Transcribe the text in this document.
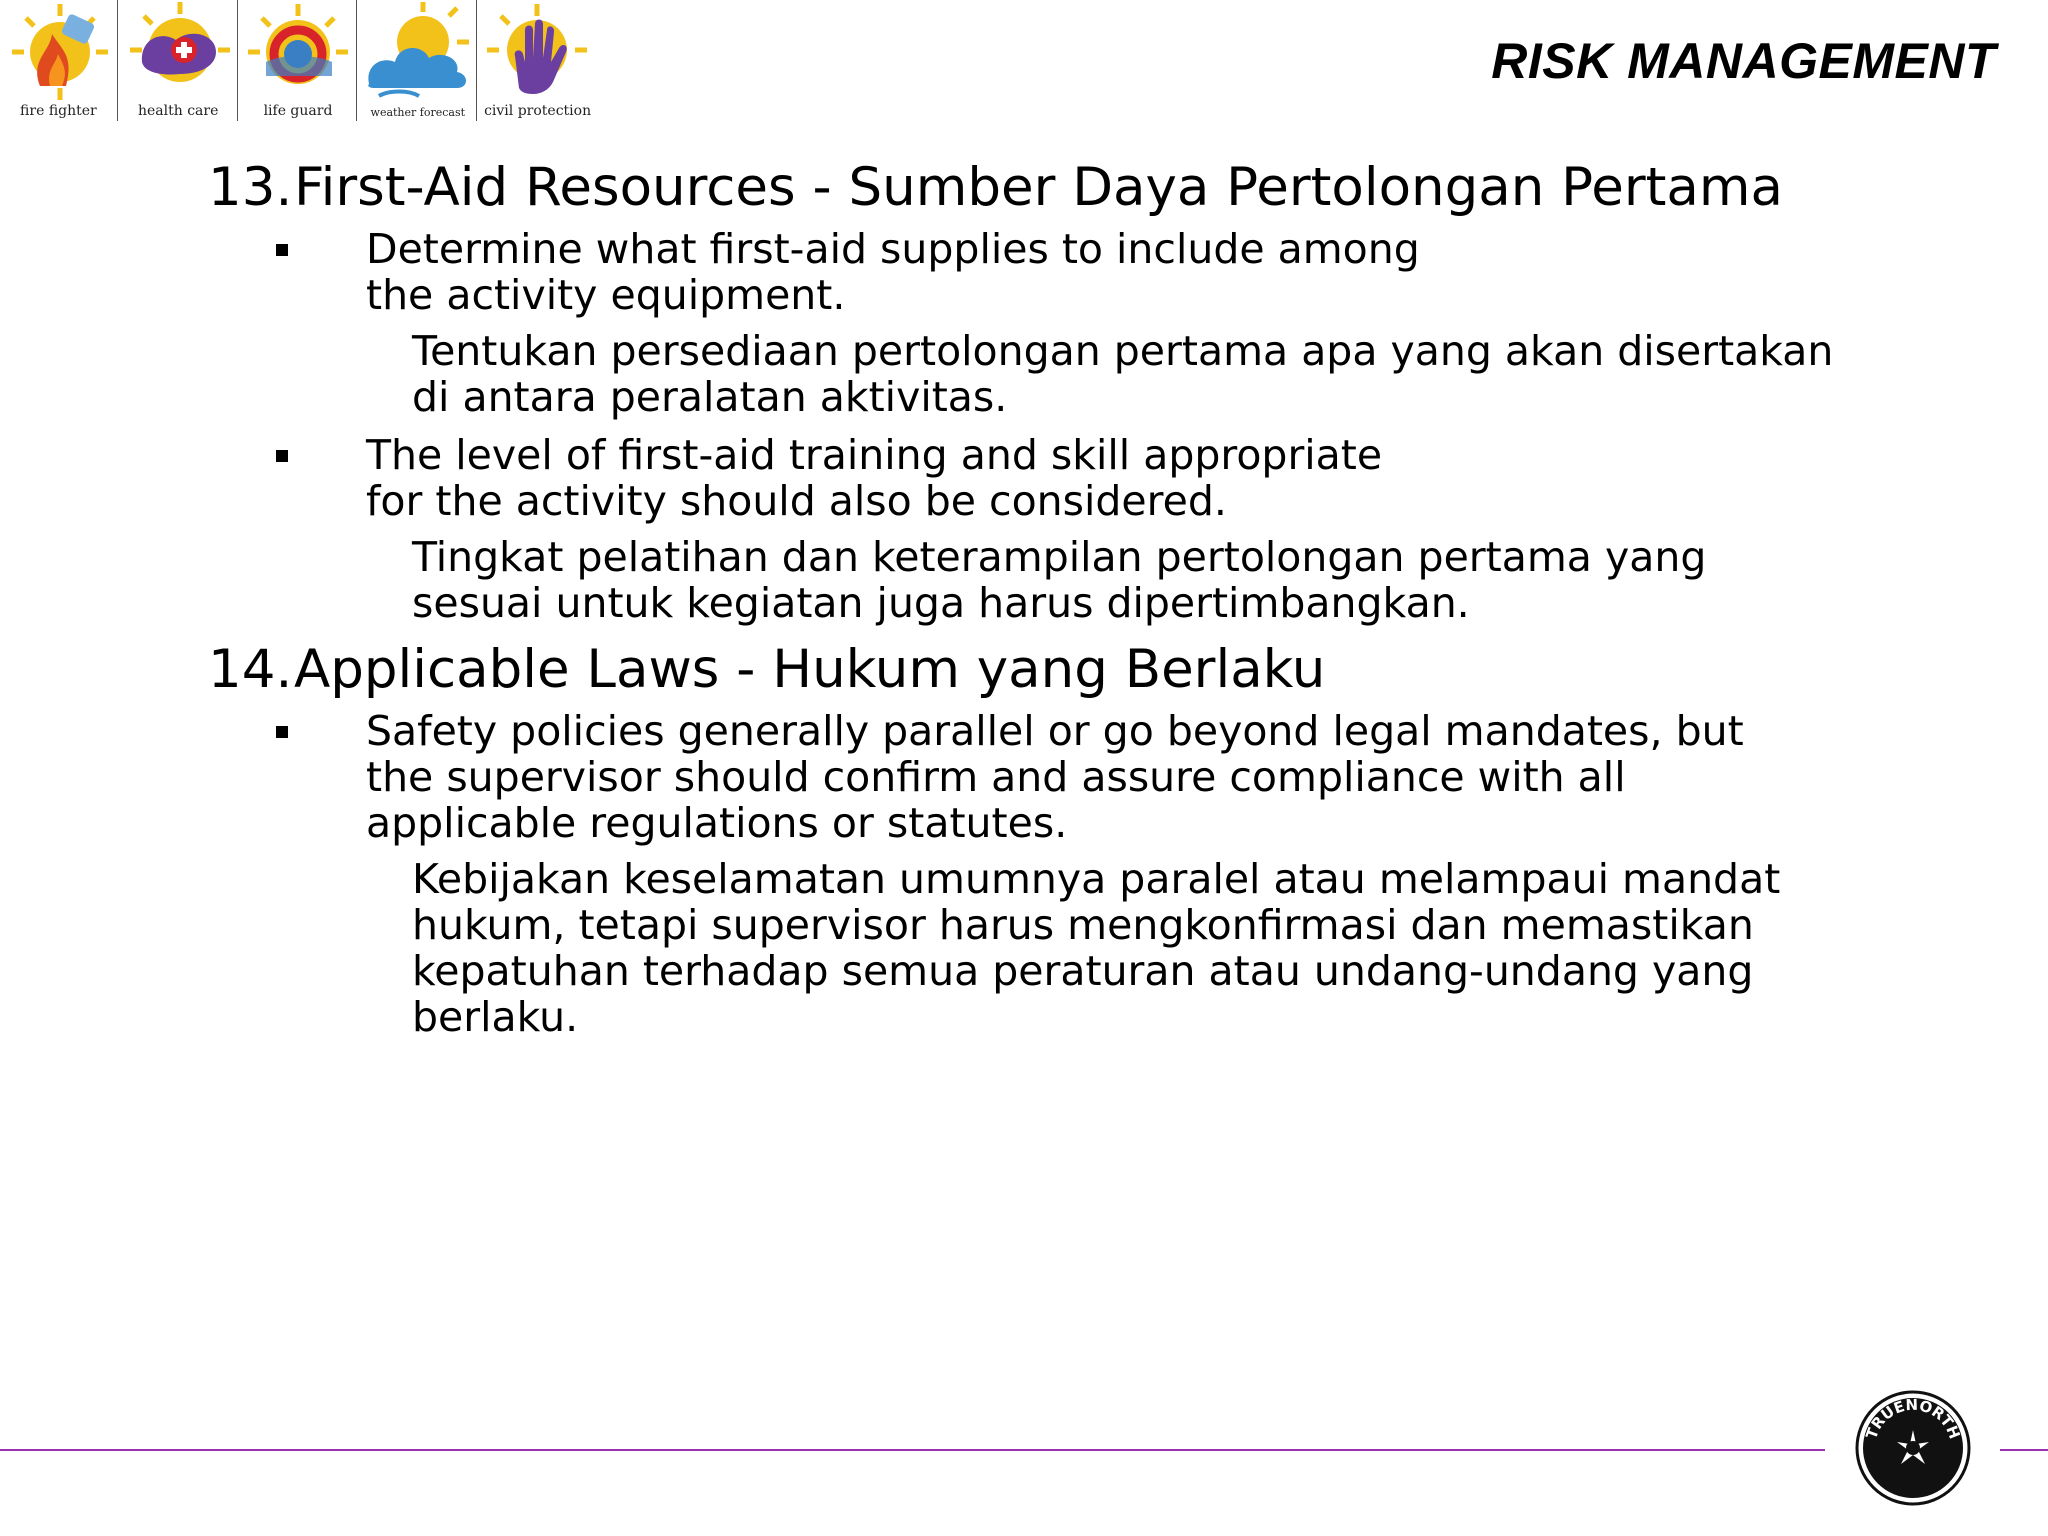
fire fighter	health care	life guard	weather forecast	civil protection
RISK MANAGEMENT
13. First-Aid Resources - Sumber Daya Pertolongan Pertama
Determine what first-aid supplies to include among the activity equipment.
Tentukan persediaan pertolongan pertama apa yang akan disertakan di antara peralatan aktivitas.
The level of first-aid training and skill appropriate for the activity should also be considered.
Tingkat pelatihan dan keterampilan pertolongan pertama yang sesuai untuk kegiatan juga harus dipertimbangkan.
14. Applicable Laws - Hukum yang Berlaku
Safety policies generally parallel or go beyond legal mandates, but the supervisor should confirm and assure compliance with all applicable regulations or statutes.
Kebijakan keselamatan umumnya paralel atau melampaui mandat hukum, tetapi supervisor harus mengkonfirmasi dan memastikan kepatuhan terhadap semua peraturan atau undang-undang yang berlaku.
TRUENORTH
